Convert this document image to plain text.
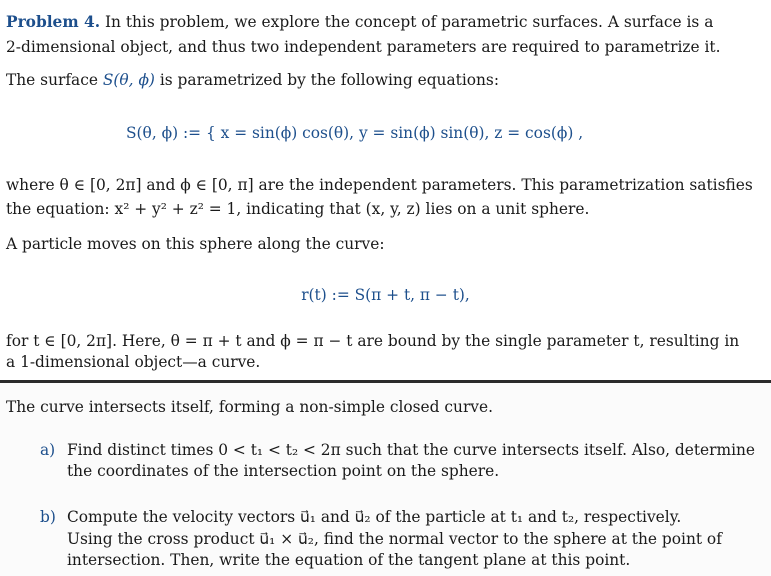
Problem 4. In this problem, we explore the concept of parametric surfaces. A surface is a
2-dimensional object, and thus two independent parameters are required to parametrize it.
The surface S(θ, ϕ) is parametrized by the following equations:
S(θ, ϕ) := { x = sin(ϕ) cos(θ), y = sin(ϕ) sin(θ), z = cos(ϕ) ,
where θ ∈ [0, 2π] and ϕ ∈ [0, π] are the independent parameters. This parametrization satisfies
the equation: x² + y² + z² = 1, indicating that (x, y, z) lies on a unit sphere.
A particle moves on this sphere along the curve:
r(t) := S(π + t, π − t),
for t ∈ [0, 2π]. Here, θ = π + t and ϕ = π − t are bound by the single parameter t, resulting in
a 1-dimensional object—a curve.
The curve intersects itself, forming a non-simple closed curve.
a) Find distinct times 0 < t₁ < t₂ < 2π such that the curve intersects itself. Also, determine
the coordinates of the intersection point on the sphere.
b) Compute the velocity vectors u⃗₁ and u⃗₂ of the particle at t₁ and t₂, respectively.
Using the cross product u⃗₁ × u⃗₂, find the normal vector to the sphere at the point of
intersection. Then, write the equation of the tangent plane at this point.
